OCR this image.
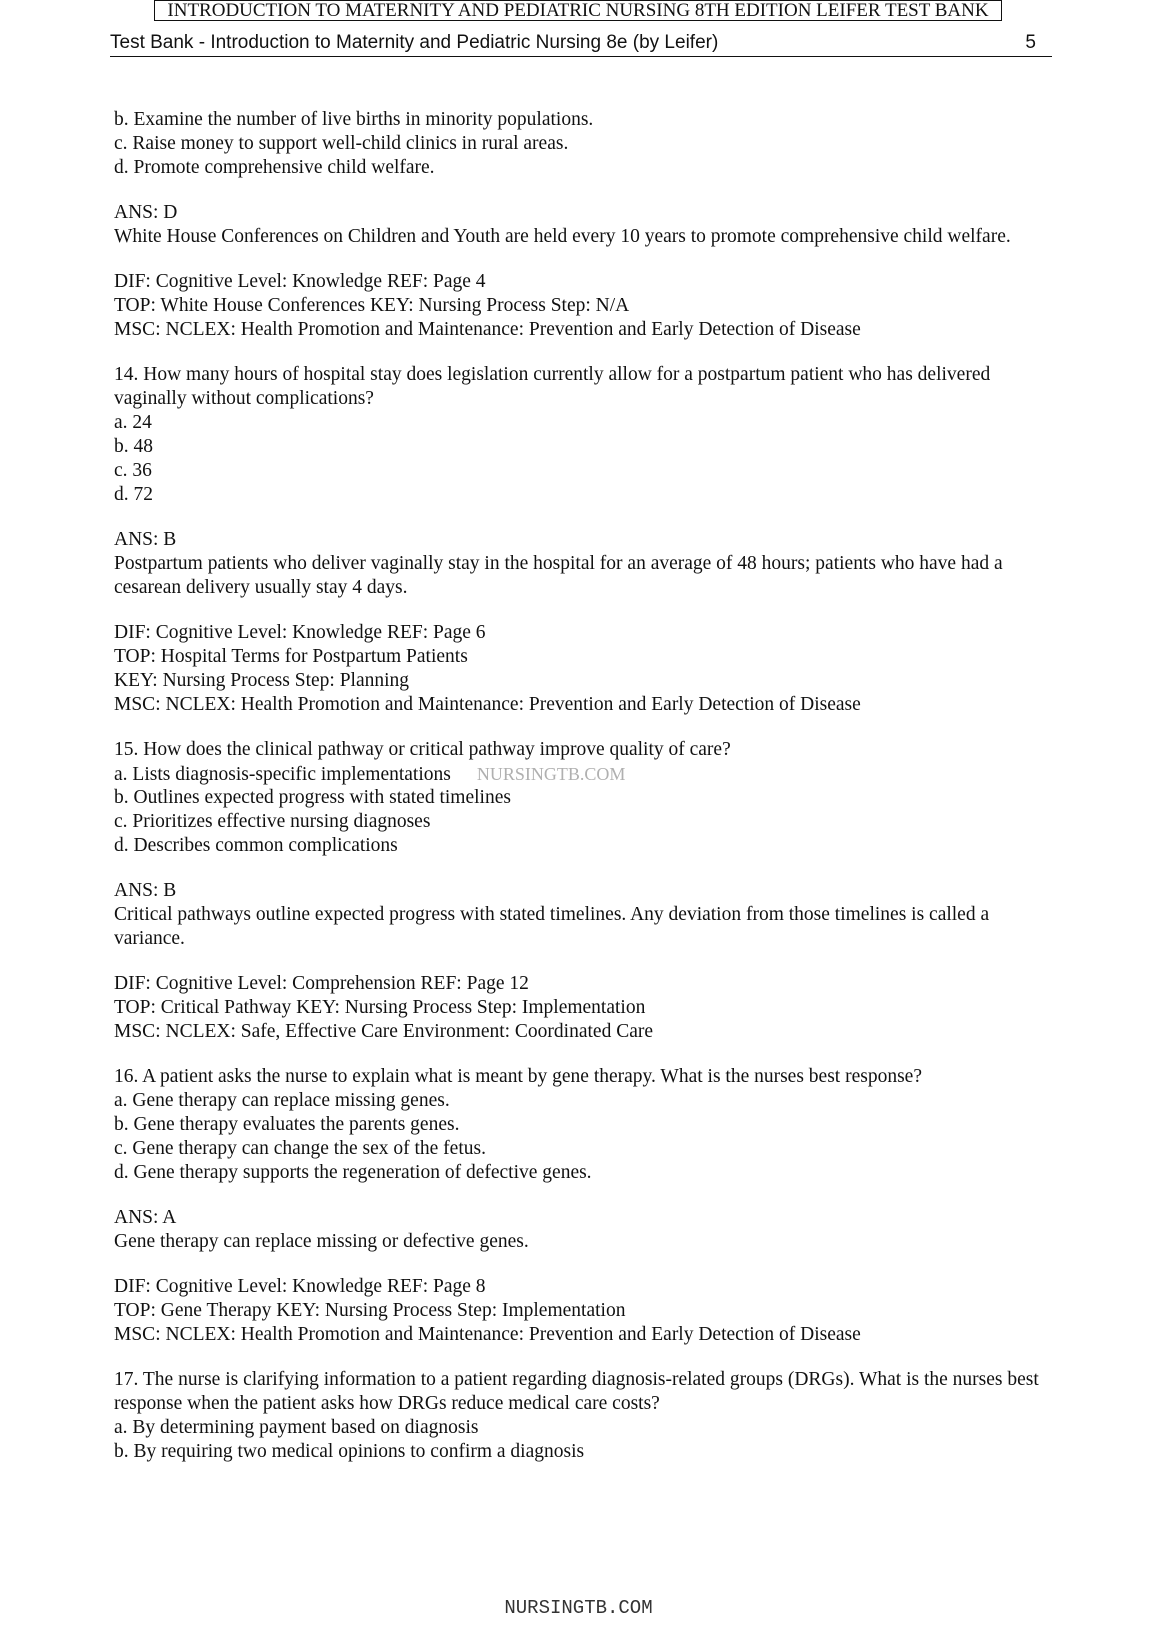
INTRODUCTION TO MATERNITY AND PEDIATRIC NURSING 8TH EDITION LEIFER TEST BANK
Test Bank - Introduction to Maternity and Pediatric Nursing 8e (by Leifer)	5
b. Examine the number of live births in minority populations.
c. Raise money to support well-child clinics in rural areas.
d. Promote comprehensive child welfare.
ANS: D
White House Conferences on Children and Youth are held every 10 years to promote comprehensive child welfare.
DIF: Cognitive Level: Knowledge REF: Page 4
TOP: White House Conferences KEY: Nursing Process Step: N/A
MSC: NCLEX: Health Promotion and Maintenance: Prevention and Early Detection of Disease
14. How many hours of hospital stay does legislation currently allow for a postpartum patient who has delivered vaginally without complications?
a. 24
b. 48
c. 36
d. 72
ANS: B
Postpartum patients who deliver vaginally stay in the hospital for an average of 48 hours; patients who have had a cesarean delivery usually stay 4 days.
DIF: Cognitive Level: Knowledge REF: Page 6
TOP: Hospital Terms for Postpartum Patients
KEY: Nursing Process Step: Planning
MSC: NCLEX: Health Promotion and Maintenance: Prevention and Early Detection of Disease
15. How does the clinical pathway or critical pathway improve quality of care?
a. Lists diagnosis-specific implementations NURSINGTB.COM
b. Outlines expected progress with stated timelines
c. Prioritizes effective nursing diagnoses
d. Describes common complications
ANS: B
Critical pathways outline expected progress with stated timelines. Any deviation from those timelines is called a variance.
DIF: Cognitive Level: Comprehension REF: Page 12
TOP: Critical Pathway KEY: Nursing Process Step: Implementation
MSC: NCLEX: Safe, Effective Care Environment: Coordinated Care
16. A patient asks the nurse to explain what is meant by gene therapy. What is the nurses best response?
a. Gene therapy can replace missing genes.
b. Gene therapy evaluates the parents genes.
c. Gene therapy can change the sex of the fetus.
d. Gene therapy supports the regeneration of defective genes.
ANS: A
Gene therapy can replace missing or defective genes.
DIF: Cognitive Level: Knowledge REF: Page 8
TOP: Gene Therapy KEY: Nursing Process Step: Implementation
MSC: NCLEX: Health Promotion and Maintenance: Prevention and Early Detection of Disease
17. The nurse is clarifying information to a patient regarding diagnosis-related groups (DRGs). What is the nurses best response when the patient asks how DRGs reduce medical care costs?
a. By determining payment based on diagnosis
b. By requiring two medical opinions to confirm a diagnosis
NURSINGTB.COM
